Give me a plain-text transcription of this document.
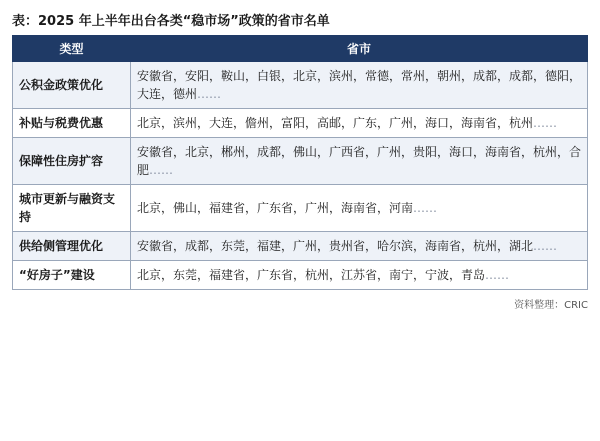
表：2025 年上半年出台各类“稳市场”政策的省市名单
类型	省市
公积金政策优化	安徽省，安阳，鞍山，白银，北京，滨州，常德，常州，朝州，成都，成都，德阳，大连，德州……
补贴与税费优惠	北京，滨州，大连，儋州，富阳，高邮，广东，广州，海口，海南省，杭州……
保障性住房扩容	安徽省，北京，郴州，成都，佛山，广西省，广州，贵阳，海口，海南省，杭州，合肥……
城市更新与融资支持	北京，佛山，福建省，广东省，广州，海南省，河南……
供给侧管理优化	安徽省，成都，东莞，福建，广州，贵州省，哈尔滨，海南省，杭州，湖北……
“好房子”建设	北京，东莞，福建省，广东省，杭州，江苏省，南宁，宁波，青岛……
资料整理：CRIC
